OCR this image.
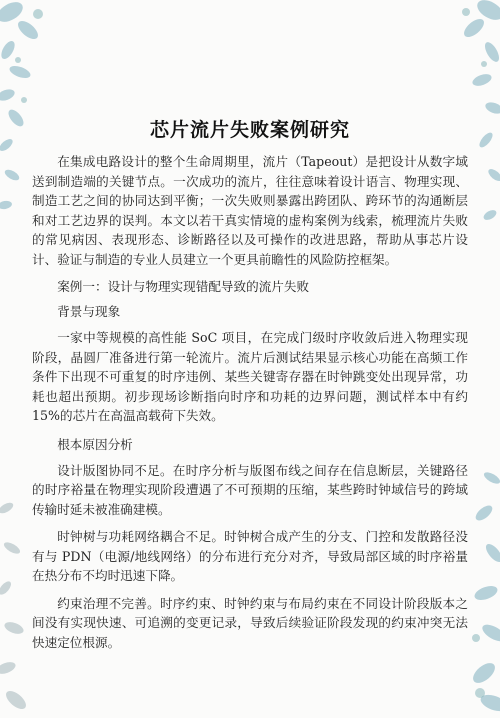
芯片流片失败案例研究

在集成电路设计的整个生命周期里，流片（Tapeout）是把设计从数字域送到制造端的关键节点。一次成功的流片，往往意味着设计语言、物理实现、制造工艺之间的协同达到平衡；一次失败则暴露出跨团队、跨环节的沟通断层和对工艺边界的误判。本文以若干真实情境的虚构案例为线索，梳理流片失败的常见病因、表现形态、诊断路径以及可操作的改进思路，帮助从事芯片设计、验证与制造的专业人员建立一个更具前瞻性的风险防控框架。

案例一：设计与物理实现错配导致的流片失败
背景与现象

一家中等规模的高性能 SoC 项目，在完成门级时序收敛后进入物理实现阶段，晶圆厂准备进行第一轮流片。流片后测试结果显示核心功能在高频工作条件下出现不可重复的时序违例、某些关键寄存器在时钟跳变处出现异常，功耗也超出预期。初步现场诊断指向时序和功耗的边界问题，测试样本中有约 15%的芯片在高温高载荷下失效。

根本原因分析

设计版图协同不足。在时序分析与版图布线之间存在信息断层，关键路径的时序裕量在物理实现阶段遭遇了不可预期的压缩，某些跨时钟域信号的跨域传输时延未被准确建模。

时钟树与功耗网络耦合不足。时钟树合成产生的分支、门控和发散路径没有与 PDN（电源/地线网络）的分布进行充分对齐，导致局部区域的时序裕量在热分布不均时迅速下降。

约束治理不完善。时序约束、时钟约束与布局约束在不同设计阶段版本之间没有实现快速、可追溯的变更记录，导致后续验证阶段发现的约束冲突无法快速定位根源。
